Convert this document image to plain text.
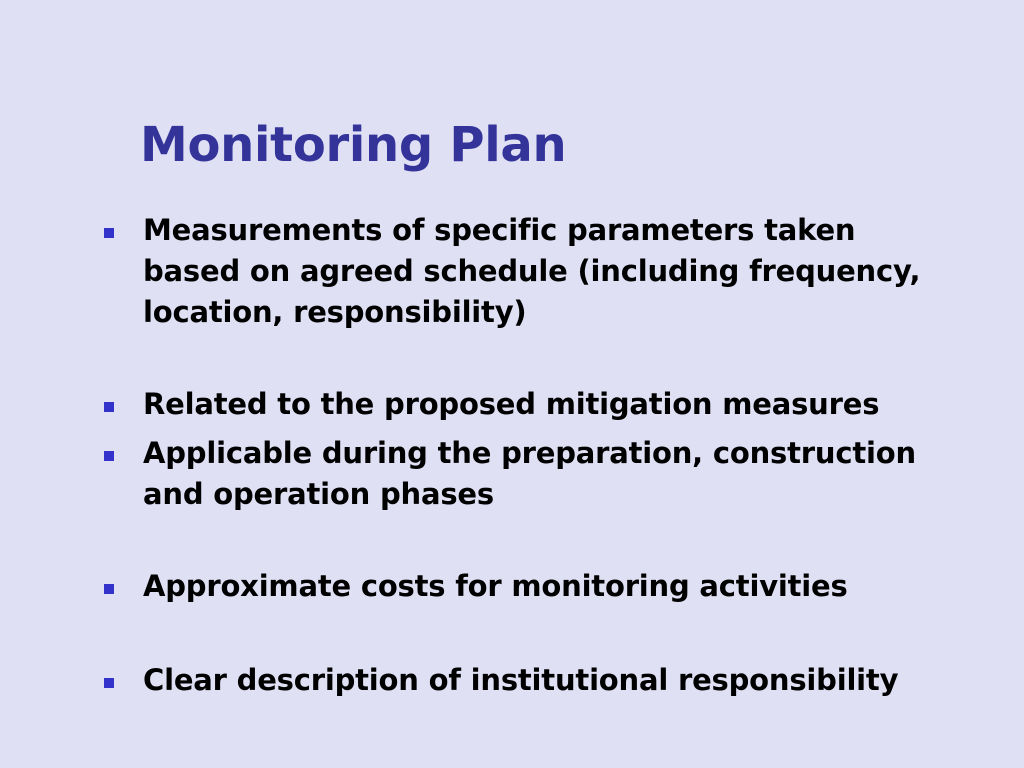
Monitoring Plan
Measurements of specific parameters taken based on agreed schedule (including frequency, location, responsibility)
Related to the proposed mitigation measures
Applicable during the preparation, construction and operation phases
Approximate costs for monitoring activities
Clear description of institutional responsibility
